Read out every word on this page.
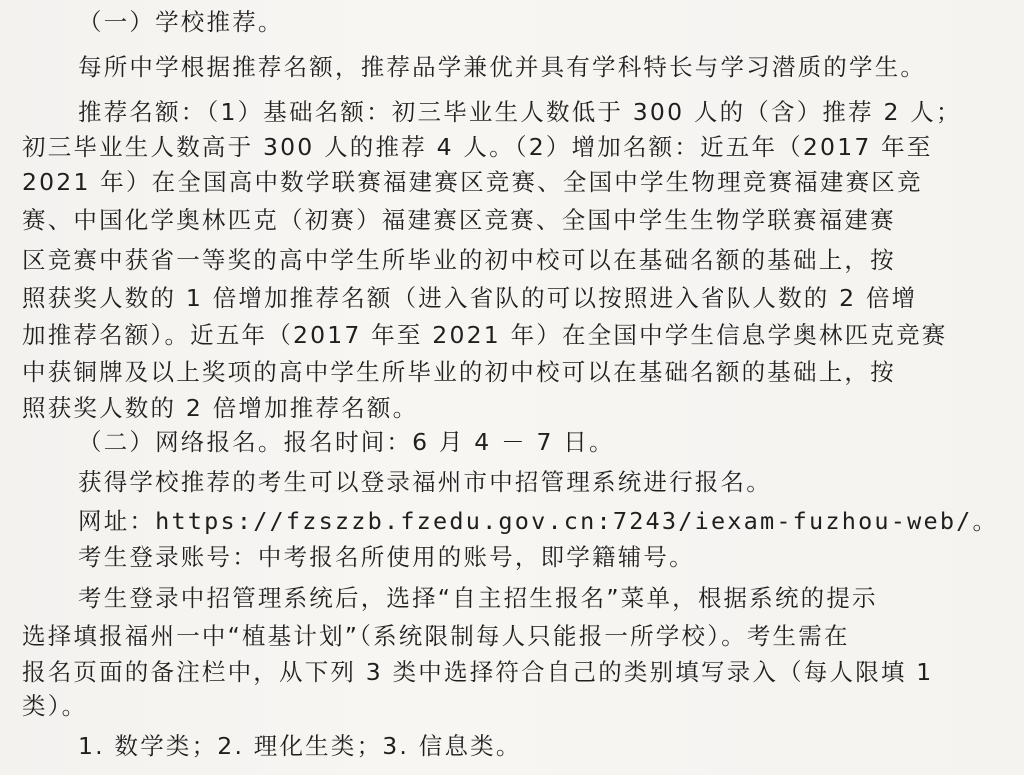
（一）学校推荐。
每所中学根据推荐名额，推荐品学兼优并具有学科特长与学习潜质的学生。
推荐名额：（1）基础名额：初三毕业生人数低于 300 人的（含）推荐 2 人；
初三毕业生人数高于 300 人的推荐 4 人。（2）增加名额：近五年（2017 年至
2021 年）在全国高中数学联赛福建赛区竞赛、全国中学生物理竞赛福建赛区竞
赛、中国化学奥林匹克（初赛）福建赛区竞赛、全国中学生生物学联赛福建赛
区竞赛中获省一等奖的高中学生所毕业的初中校可以在基础名额的基础上，按
照获奖人数的 1 倍增加推荐名额（进入省队的可以按照进入省队人数的 2 倍增
加推荐名额）。近五年（2017 年至 2021 年）在全国中学生信息学奥林匹克竞赛
中获铜牌及以上奖项的高中学生所毕业的初中校可以在基础名额的基础上，按
照获奖人数的 2 倍增加推荐名额。
（二）网络报名。报名时间：6 月 4 － 7 日。
获得学校推荐的考生可以登录福州市中招管理系统进行报名。
网址：https://fzszzb.fzedu.gov.cn:7243/iexam-fuzhou-web/。
考生登录账号：中考报名所使用的账号，即学籍辅号。
考生登录中招管理系统后，选择“自主招生报名”菜单，根据系统的提示
选择填报福州一中“植基计划”（系统限制每人只能报一所学校）。考生需在
报名页面的备注栏中，从下列 3 类中选择符合自己的类别填写录入（每人限填 1
类）。
1. 数学类；2. 理化生类；3. 信息类。
